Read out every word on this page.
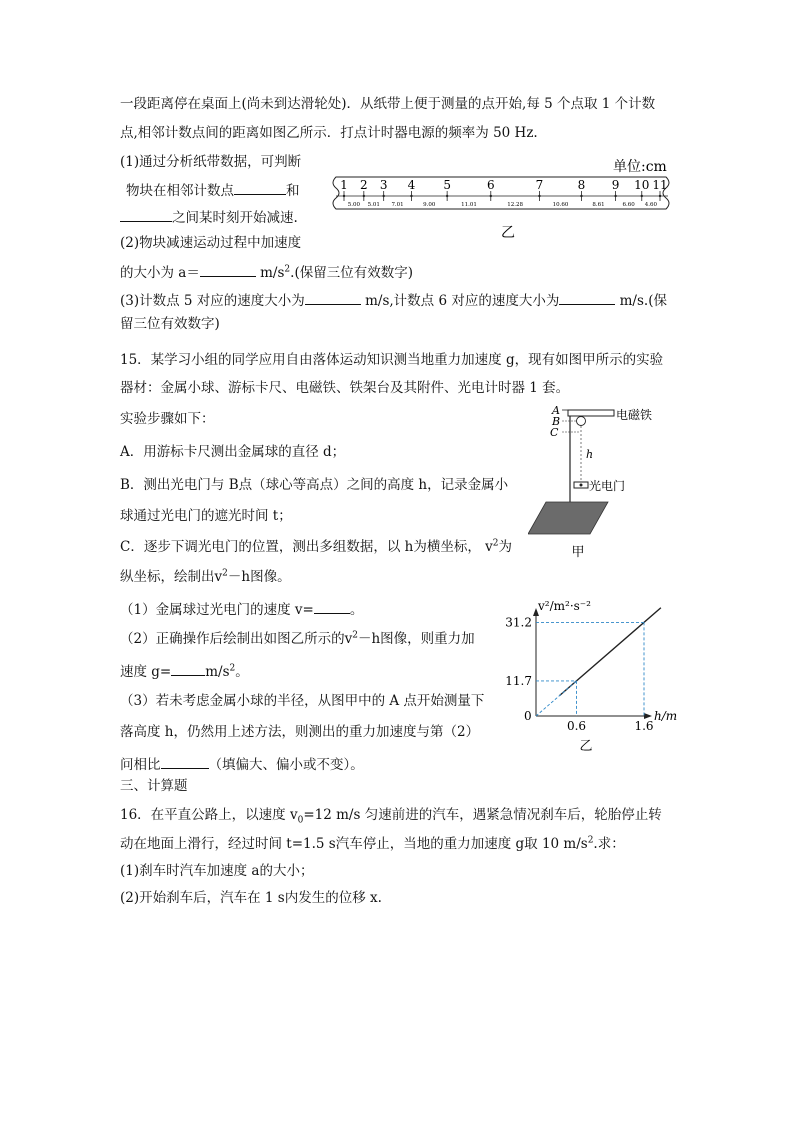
一段距离停在桌面上(尚未到达滑轮处)．从纸带上便于测量的点开始,每 5 个点取 1 个计数
点,相邻计数点间的距离如图乙所示．打点计时器电源的频率为 50 Hz.
(1)通过分析纸带数据，可判断
物块在相邻计数点	和
之间某时刻开始减速.
(2)物块减速运动过程中加速度
的大小为 a＝	$m/s^2$.(保留三位有效数字)
(3)计数点 5 对应的速度大小为	m/s,计数点 6 对应的速度大小为	m/s.(保
留三位有效数字)
单位:cm
1 2 3 4 5	6	7	8 9 10 11
5.00 5.01 7.01	9.00	11.01	12.28	10.60	8.61	6.60 4.60
乙
15．某学习小组的同学应用自由落体运动知识测当地重力加速度 g，现有如图甲所示的实验
器材：金属小球、游标卡尺、电磁铁、铁架台及其附件、光电计时器 1 套。
实验步骤如下：
A．用游标卡尺测出金属球的直径 d；
B．测出光电门与 B点（球心等高点）之间的高度 h，记录金属小
球通过光电门的遮光时间 t；
C．逐步下调光电门的位置，测出多组数据，以 h为横坐标， $v^2$为
纵坐标，绘制出$v^2-h$图像。
（1）金属球过光电门的速度 v=	。
（2）正确操作后绘制出如图乙所示的$v^2-h$图像，则重力加
速度 g=	$m/s^2$。
（3）若未考虑金属小球的半径，从图甲中的 A 点开始测量下
落高度 h，仍然用上述方法，则测出的重力加速度与第（2）
问相比	（填偏大、偏小或不变）。
A
B
C
电磁铁
h
光电门
甲
v²/m²·s⁻²
h/m
0
0.6
11.7
1.6
31.2
乙
三、计算题
16．在平直公路上，以速度 $v_0=12$ m/s 匀速前进的汽车，遇紧急情况刹车后，轮胎停止转
动在地面上滑行，经过时间 t=1.5 s汽车停止，当地的重力加速度 g取 10 $m/s^2$.求：
(1)刹车时汽车加速度 a的大小；
(2)开始刹车后，汽车在 1 s内发生的位移 x.
